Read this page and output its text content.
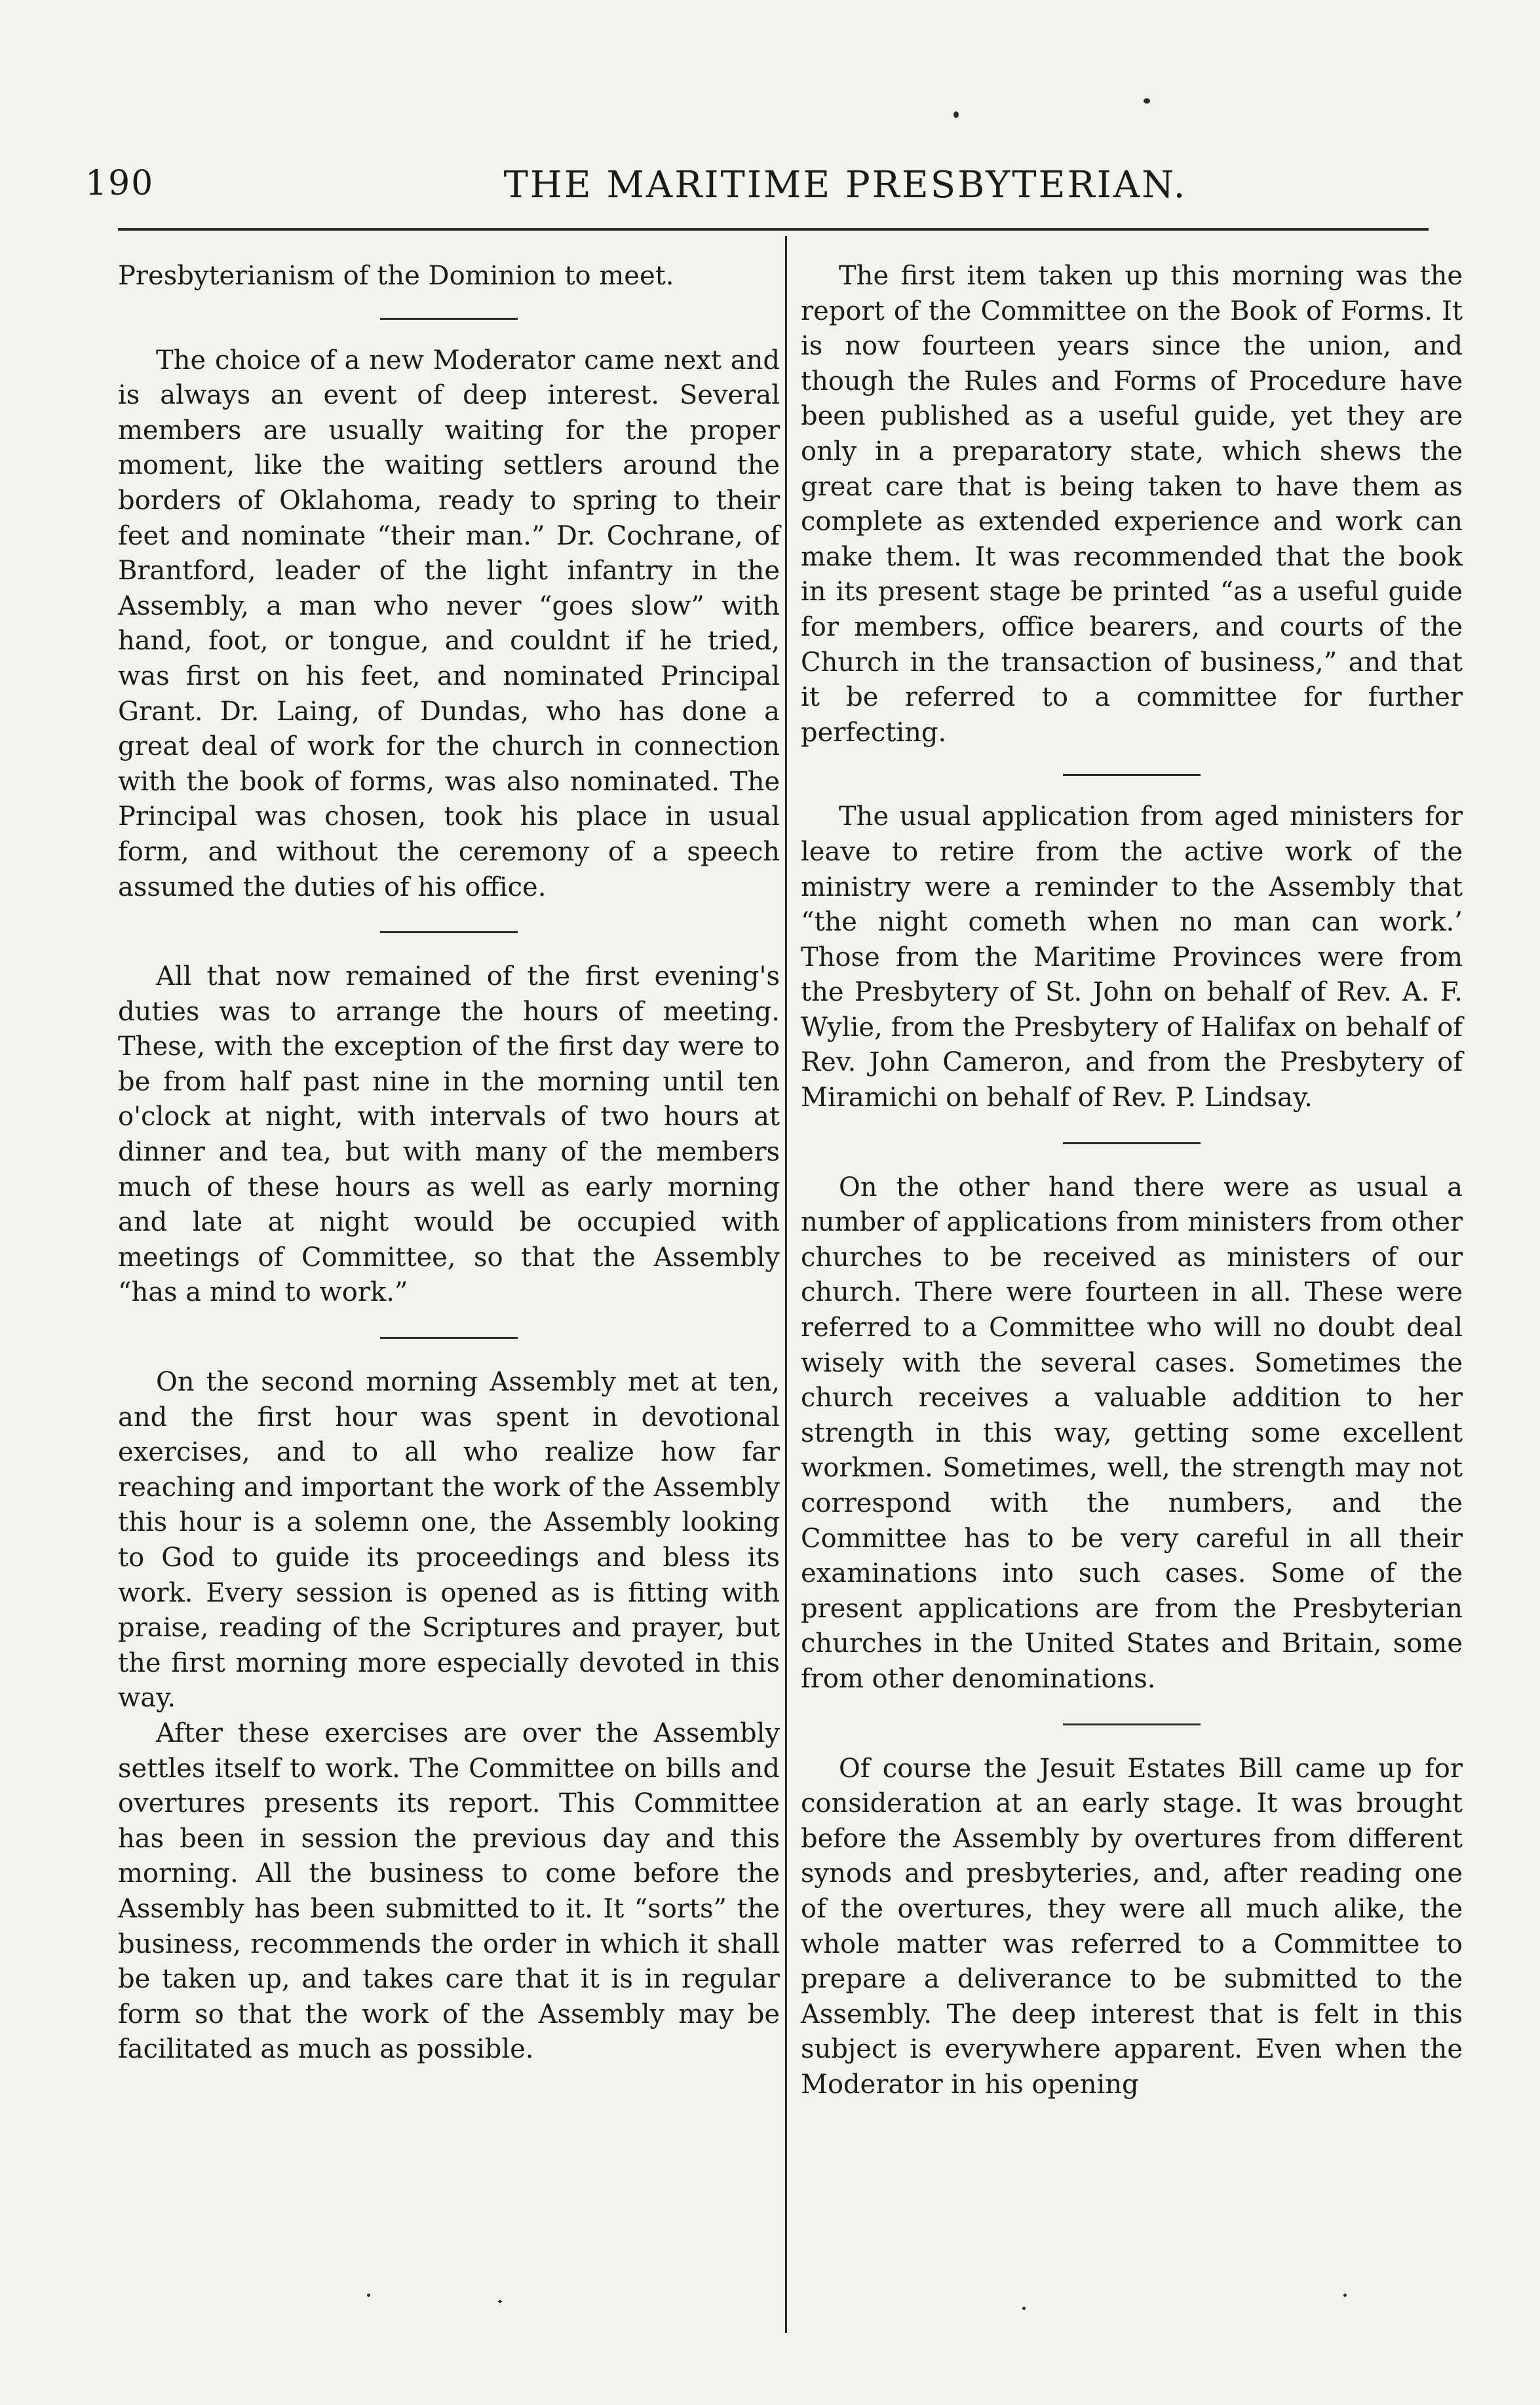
190	THE MARITIME PRESBYTERIAN.

Presbyterianism of the Dominion to meet.

The choice of a new Moderator came next and is always an event of deep interest. Several members are usually waiting for the proper moment, like the waiting settlers around the borders of Oklahoma, ready to spring to their feet and nominate “their man.” Dr. Cochrane, of Brantford, leader of the light infantry in the Assembly, a man who never “goes slow” with hand, foot, or tongue, and couldnt if he tried, was first on his feet, and nominated Principal Grant. Dr. Laing, of Dundas, who has done a great deal of work for the church in connection with the book of forms, was also nominated. The Principal was chosen, took his place in usual form, and without the ceremony of a speech assumed the duties of his office.

All that now remained of the first evening's duties was to arrange the hours of meeting. These, with the exception of the first day were to be from half past nine in the morning until ten o'clock at night, with intervals of two hours at dinner and tea, but with many of the members much of these hours as well as early morning and late at night would be occupied with meetings of Committee, so that the Assembly “has a mind to work.”

On the second morning Assembly met at ten, and the first hour was spent in devotional exercises, and to all who realize how far reaching and important the work of the Assembly this hour is a solemn one, the Assembly looking to God to guide its proceedings and bless its work. Every session is opened as is fitting with praise, reading of the Scriptures and prayer, but the first morning more especially devoted in this way.

After these exercises are over the Assembly settles itself to work. The Committee on bills and overtures presents its report. This Committee has been in session the previous day and this morning. All the business to come before the Assembly has been submitted to it. It “sorts” the business, recommends the order in which it shall be taken up, and takes care that it is in regular form so that the work of the Assembly may be facilitated as much as possible.

The first item taken up this morning was the report of the Committee on the Book of Forms. It is now fourteen years since the union, and though the Rules and Forms of Procedure have been published as a useful guide, yet they are only in a preparatory state, which shews the great care that is being taken to have them as complete as extended experience and work can make them. It was recommended that the book in its present stage be printed “as a useful guide for members, office bearers, and courts of the Church in the transaction of business,” and that it be referred to a committee for further perfecting.

The usual application from aged ministers for leave to retire from the active work of the ministry were a reminder to the Assembly that “the night cometh when no man can work.’ Those from the Maritime Provinces were from the Presbytery of St. John on behalf of Rev. A. F. Wylie, from the Presbytery of Halifax on behalf of Rev. John Cameron, and from the Presbytery of Miramichi on behalf of Rev. P. Lindsay.

On the other hand there were as usual a number of applications from ministers from other churches to be received as ministers of our church. There were fourteen in all. These were referred to a Committee who will no doubt deal wisely with the several cases. Sometimes the church receives a valuable addition to her strength in this way, getting some excellent workmen. Sometimes, well, the strength may not correspond with the numbers, and the Committee has to be very careful in all their examinations into such cases. Some of the present applications are from the Presbyterian churches in the United States and Britain, some from other denominations.

Of course the Jesuit Estates Bill came up for consideration at an early stage. It was brought before the Assembly by overtures from different synods and presbyteries, and, after reading one of the overtures, they were all much alike, the whole matter was referred to a Committee to prepare a deliverance to be submitted to the Assembly. The deep interest that is felt in this subject is everywhere apparent. Even when the Moderator in his opening
